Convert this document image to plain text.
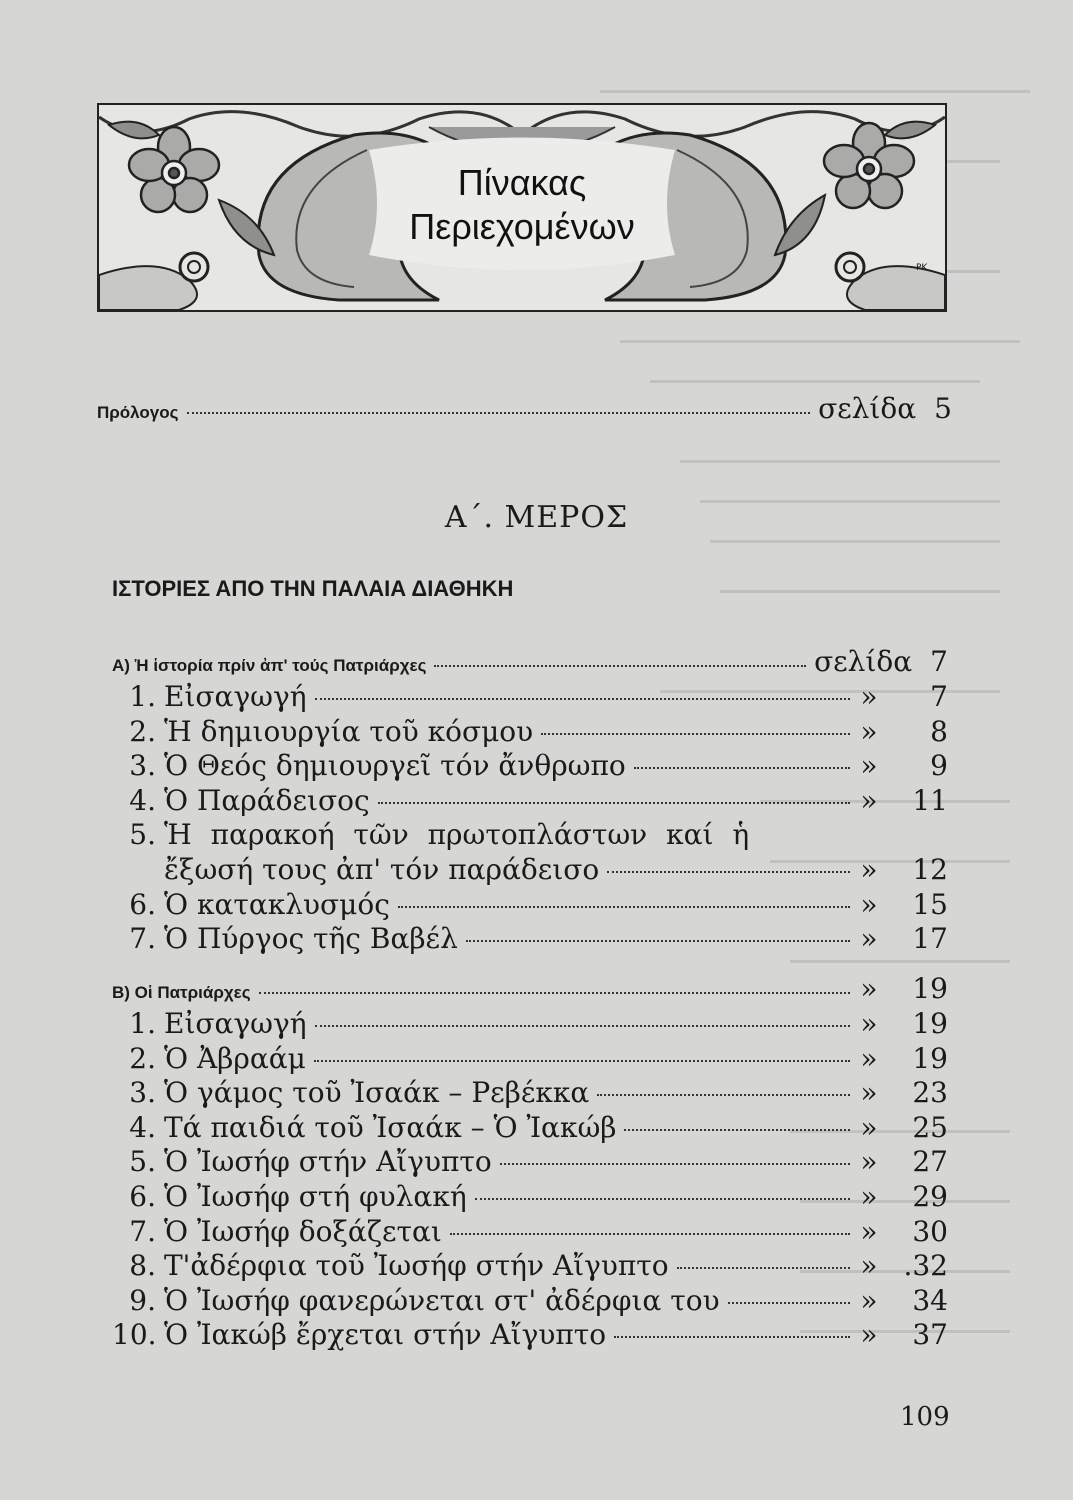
Πίνακας
Περιεχομένων
PK
Πρόλογος	σελίδα 5
Α΄. ΜΕΡΟΣ
ΙΣΤΟΡΙΕΣ ΑΠΟ ΤΗΝ ΠΑΛΑΙΑ ΔΙΑΘΗΚΗ
Α) Ἡ ἱστορία πρίν ἀπ' τούς Πατριάρχες	σελίδα 7
1. Εἰσαγωγή	»	7
2. Ἡ δημιουργία τοῦ κόσμου	»	8
3. Ὁ Θεός δημιουργεῖ τόν ἄνθρωπο	»	9
4. Ὁ Παράδεισος	»	11
5. Ἡ παρακοή τῶν πρωτοπλάστων καί ἡ
ἔξωσή τους ἀπ' τόν παράδεισο	»	12
6. Ὁ κατακλυσμός	»	15
7. Ὁ Πύργος τῆς Βαβέλ	»	17
Β) Οἱ Πατριάρχες	»	19
1. Εἰσαγωγή	»	19
2. Ὁ Ἀβραάμ	»	19
3. Ὁ γάμος τοῦ Ἰσαάκ – Ρεβέκκα	»	23
4. Τά παιδιά τοῦ Ἰσαάκ – Ὁ Ἰακώβ	»	25
5. Ὁ Ἰωσήφ στήν Αἴγυπτο	»	27
6. Ὁ Ἰωσήφ στή φυλακή	»	29
7. Ὁ Ἰωσήφ δοξάζεται	»	30
8. Τ'ἀδέρφια τοῦ Ἰωσήφ στήν Αἴγυπτο	» .32
9. Ὁ Ἰωσήφ φανερώνεται στ' ἀδέρφια του	»	34
10. Ὁ Ἰακώβ ἔρχεται στήν Αἴγυπτο	»	37
109
